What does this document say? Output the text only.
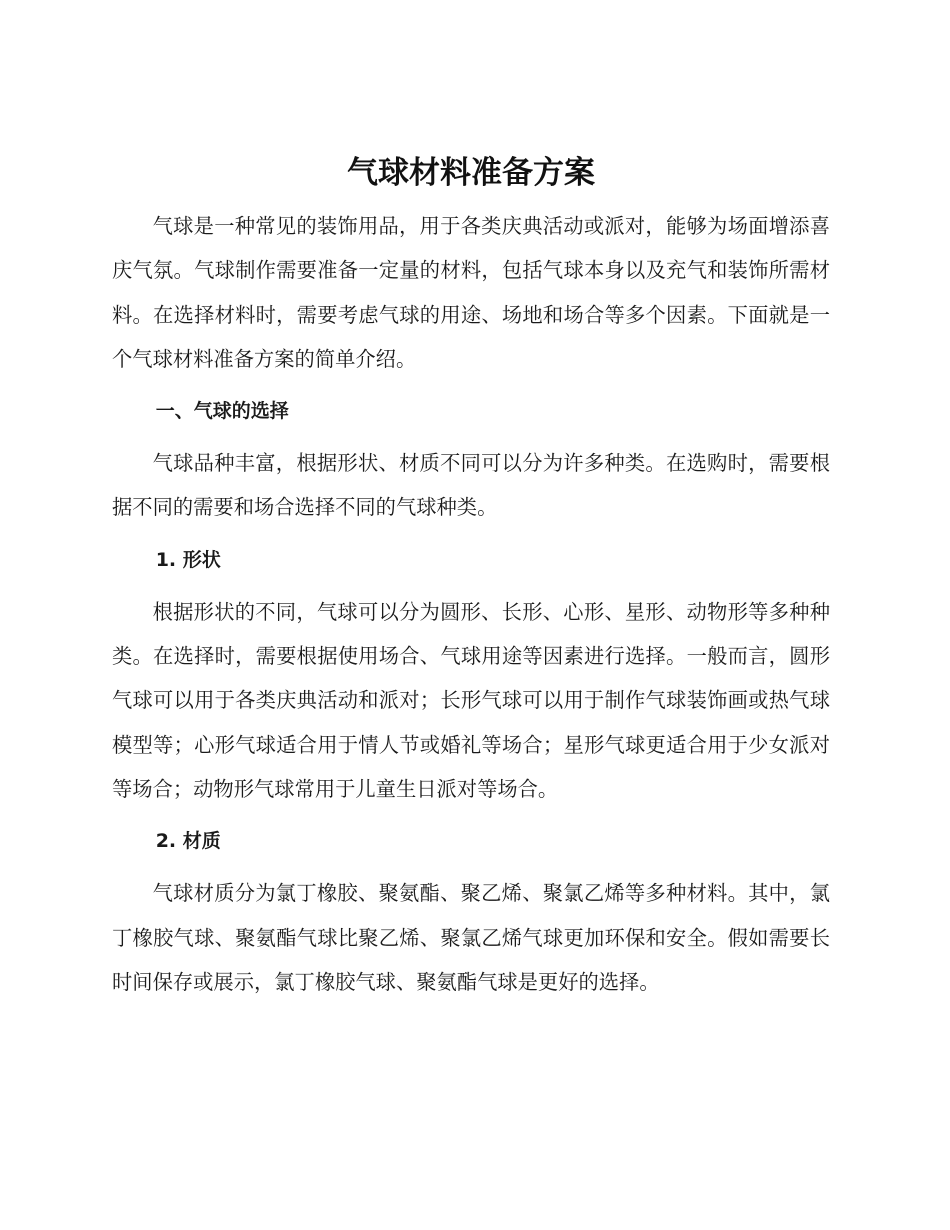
气球材料准备方案

气球是一种常见的装饰用品，用于各类庆典活动或派对，能够为场面增添喜庆气氛。气球制作需要准备一定量的材料，包括气球本身以及充气和装饰所需材料。在选择材料时，需要考虑气球的用途、场地和场合等多个因素。下面就是一个气球材料准备方案的简单介绍。

一、气球的选择

气球品种丰富，根据形状、材质不同可以分为许多种类。在选购时，需要根据不同的需要和场合选择不同的气球种类。

1. 形状

根据形状的不同，气球可以分为圆形、长形、心形、星形、动物形等多种种类。在选择时，需要根据使用场合、气球用途等因素进行选择。一般而言，圆形气球可以用于各类庆典活动和派对；长形气球可以用于制作气球装饰画或热气球模型等；心形气球适合用于情人节或婚礼等场合；星形气球更适合用于少女派对等场合；动物形气球常用于儿童生日派对等场合。

2. 材质

气球材质分为氯丁橡胶、聚氨酯、聚乙烯、聚氯乙烯等多种材料。其中，氯丁橡胶气球、聚氨酯气球比聚乙烯、聚氯乙烯气球更加环保和安全。假如需要长时间保存或展示，氯丁橡胶气球、聚氨酯气球是更好的选择。
